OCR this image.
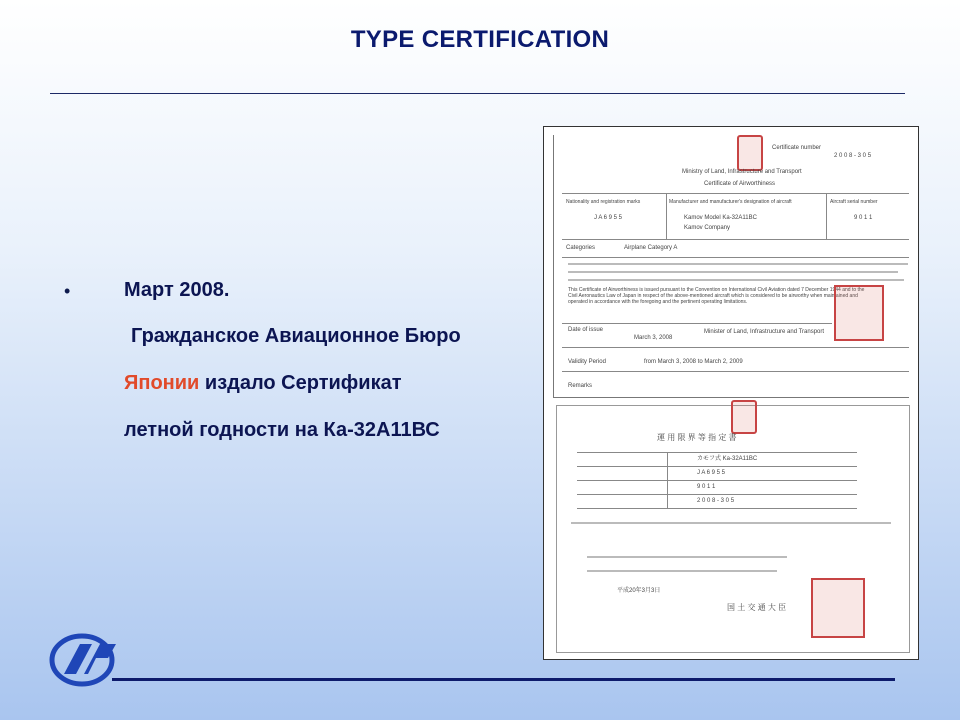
TYPE CERTIFICATION
•	Март 2008.
Гражданское Авиационное Бюро
Японии издало Сертификат
летной годности на Ка-32А11ВС
Certificate number
2 0 0 8 - 3 0 5
Ministry of Land, Infrastructure and Transport
Certificate of Airworthiness
Nationality and registration marks
J A 6 9 5 5
Manufacturer and manufacturer's designation of aircraft
Kamov Model Ka-32A11BC
Kamov Company
Aircraft serial number
9 0 1 1
Categories	Airplane Category A
This Certificate of Airworthiness is issued pursuant to the Convention on International Civil Aviation dated 7 December 1944 and to the Civil Aeronautics Law of Japan in respect of the above-mentioned aircraft which is considered to be airworthy when maintained and operated in accordance with the foregoing and the pertinent operating limitations.
Date of issue
March 3, 2008
Minister of Land, Infrastructure and Transport
Validity Period	from March 3, 2008 to March 2, 2009
Remarks
運 用 限 界 等 指 定 書
カモフ式 Ka-32A11BC
J A 6 9 5 5
9 0 1 1
2 0 0 8 - 3 0 5
平成20年3月3日
国 土 交 通 大 臣
